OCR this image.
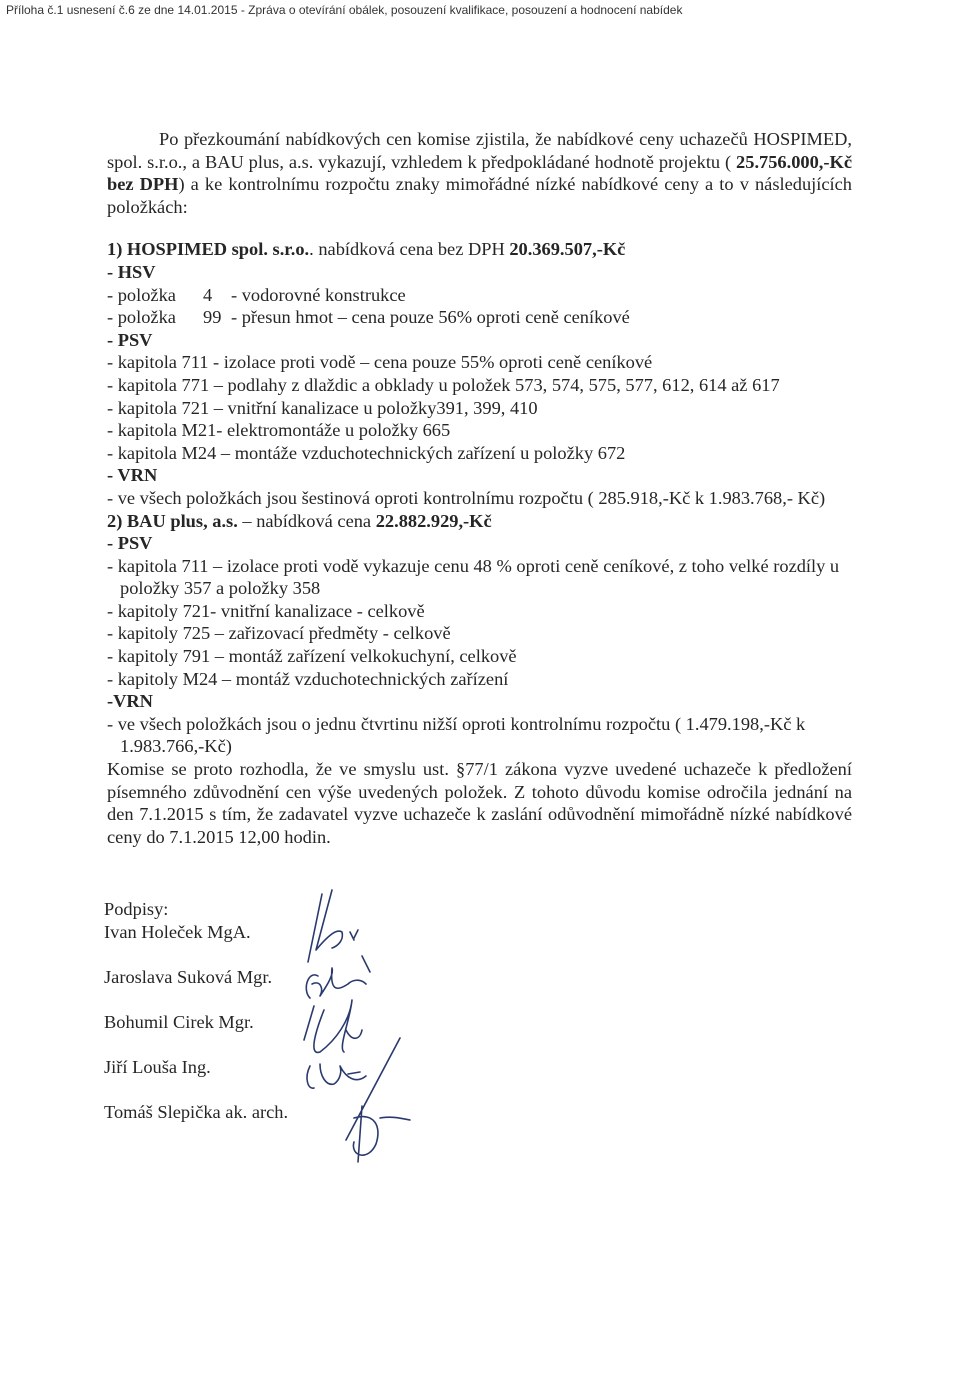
Příloha č.1 usnesení č.6 ze dne 14.01.2015 - Zpráva o otevírání obálek, posouzení kvalifikace, posouzení a hodnocení nabídek
Po přezkoumání nabídkových cen komise zjistila, že nabídkové ceny uchazečů HOSPIMED, spol. s.r.o., a BAU plus, a.s. vykazují, vzhledem k předpokládané hodnotě projektu ( 25.756.000,-Kč bez DPH) a ke kontrolnímu rozpočtu znaky mimořádné nízké nabídkové ceny a to v následujících položkách:
1) HOSPIMED spol. s.r.o.. nabídková cena bez DPH 20.369.507,-Kč
- HSV
- položka 4 - vodorovné konstrukce
- položka 99 - přesun hmot – cena pouze 56% oproti ceně ceníkové
- PSV
- kapitola 711 - izolace proti vodě – cena pouze 55% oproti ceně ceníkové
- kapitola 771 – podlahy z dlaždic a obklady u položek 573, 574, 575, 577, 612, 614 až 617
- kapitola 721 – vnitřní kanalizace u položky391, 399, 410
- kapitola M21- elektromontáže u položky 665
- kapitola M24 – montáže vzduchotechnických zařízení u položky 672
- VRN
- ve všech položkách jsou šestinová oproti kontrolnímu rozpočtu ( 285.918,-Kč k 1.983.768,- Kč)
2) BAU plus, a.s. – nabídková cena 22.882.929,-Kč
- PSV
- kapitola 711 – izolace proti vodě vykazuje cenu 48 % oproti ceně ceníkové, z toho velké rozdíly u položky 357 a položky 358
- kapitoly 721- vnitřní kanalizace - celkově
- kapitoly 725 – zařizovací předměty - celkově
- kapitoly 791 – montáž zařízení velkokuchyní, celkově
- kapitoly M24 – montáž vzduchotechnických zařízení
-VRN
- ve všech položkách jsou o jednu čtvrtinu nižší oproti kontrolnímu rozpočtu ( 1.479.198,-Kč k 1.983.766,-Kč)
Komise se proto rozhodla, že ve smyslu ust. §77/1 zákona vyzve uvedené uchazeče k předložení písemného zdůvodnění cen výše uvedených položek. Z tohoto důvodu komise odročila jednání na den 7.1.2015 s tím, že zadavatel vyzve uchazeče k zaslání odůvodnění mimořádně nízké nabídkové ceny do 7.1.2015 12,00 hodin.
Podpisy:
Ivan Holeček MgA.
Jaroslava Suková Mgr.
Bohumil Cirek Mgr.
Jiří Louša Ing.
Tomáš Slepička ak. arch.
